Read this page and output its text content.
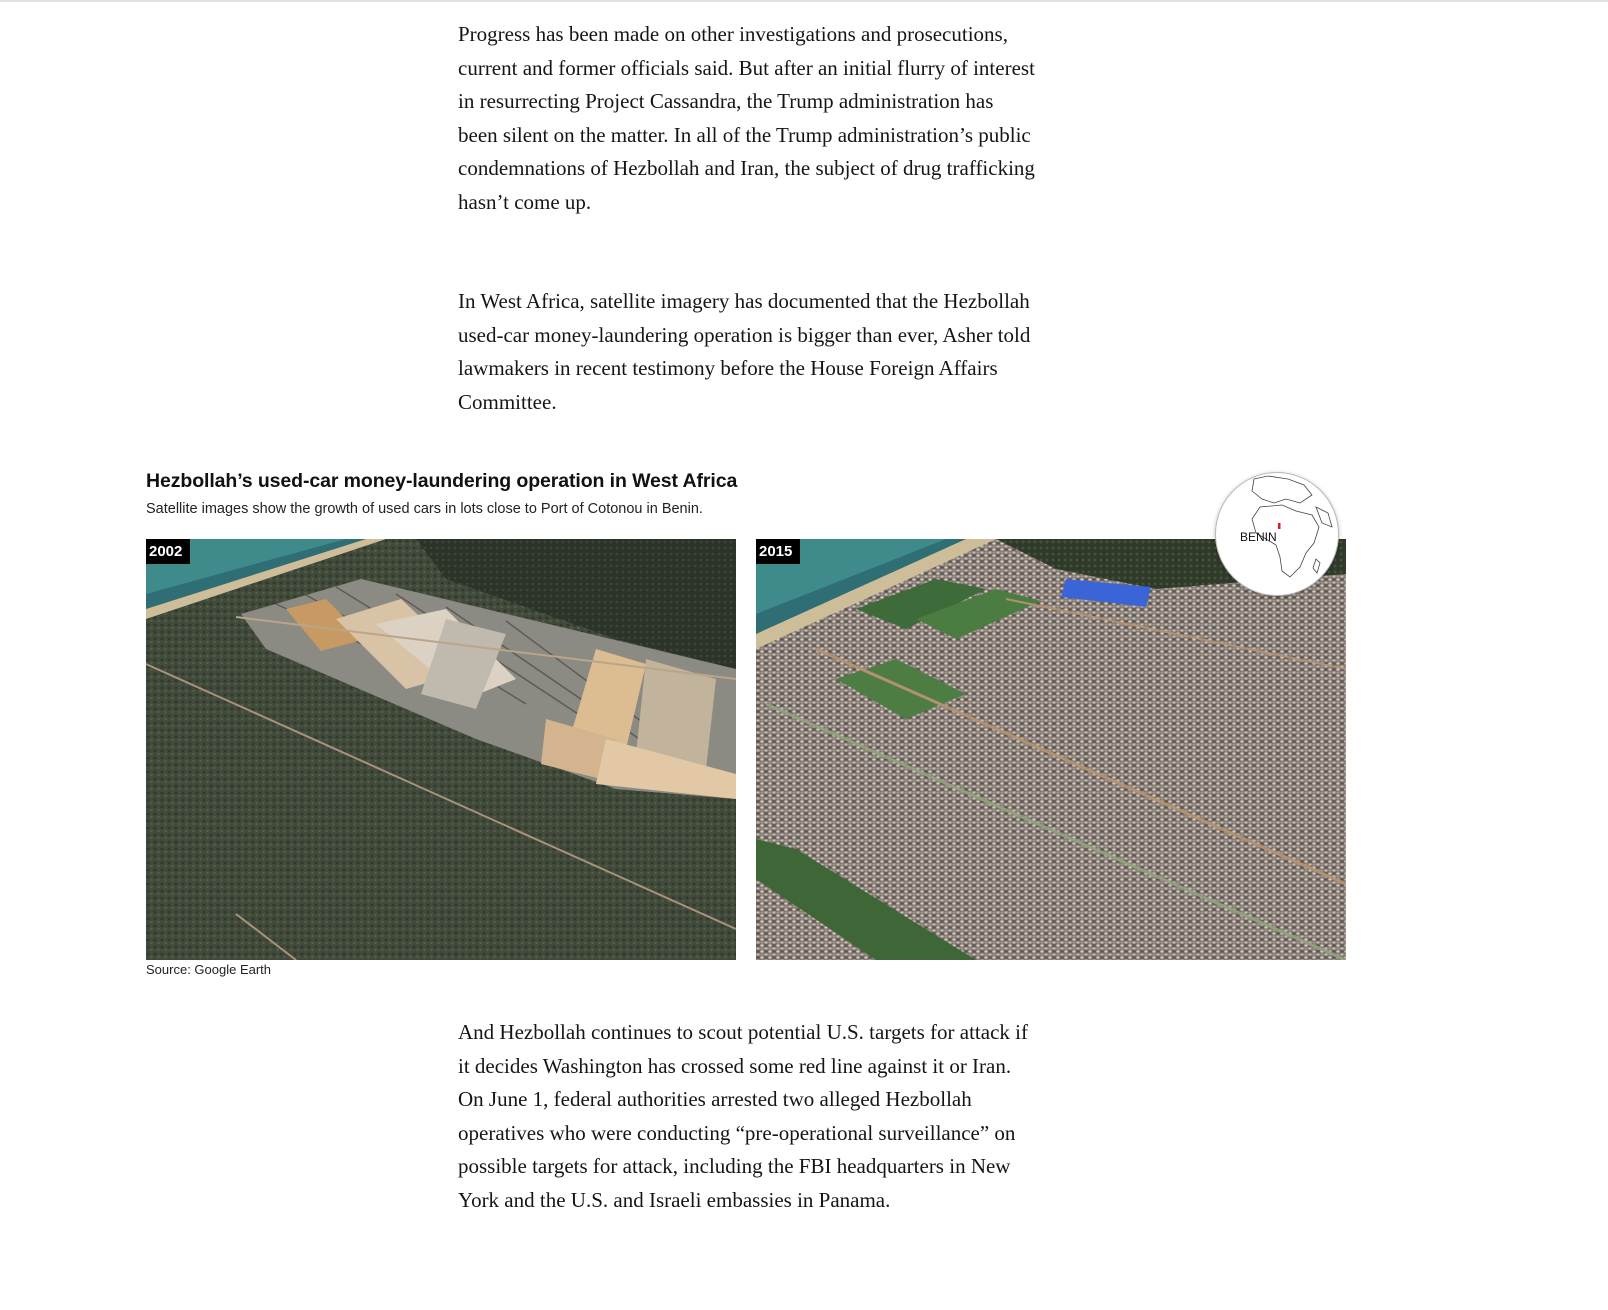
Progress has been made on other investigations and prosecutions, current and former officials said. But after an initial flurry of interest in resurrecting Project Cassandra, the Trump administration has been silent on the matter. In all of the Trump administration’s public condemnations of Hezbollah and Iran, the subject of drug trafficking hasn’t come up.

In West Africa, satellite imagery has documented that the Hezbollah used-car money-laundering operation is bigger than ever, Asher told lawmakers in recent testimony before the House Foreign Affairs Committee.

Hezbollah’s used-car money-laundering operation in West Africa

Satellite images show the growth of used cars in lots close to Port of Cotonou in Benin.

2002	2015
BENIN

Source: Google Earth

And Hezbollah continues to scout potential U.S. targets for attack if it decides Washington has crossed some red line against it or Iran. On June 1, federal authorities arrested two alleged Hezbollah operatives who were conducting “pre-operational surveillance” on possible targets for attack, including the FBI headquarters in New York and the U.S. and Israeli embassies in Panama.
